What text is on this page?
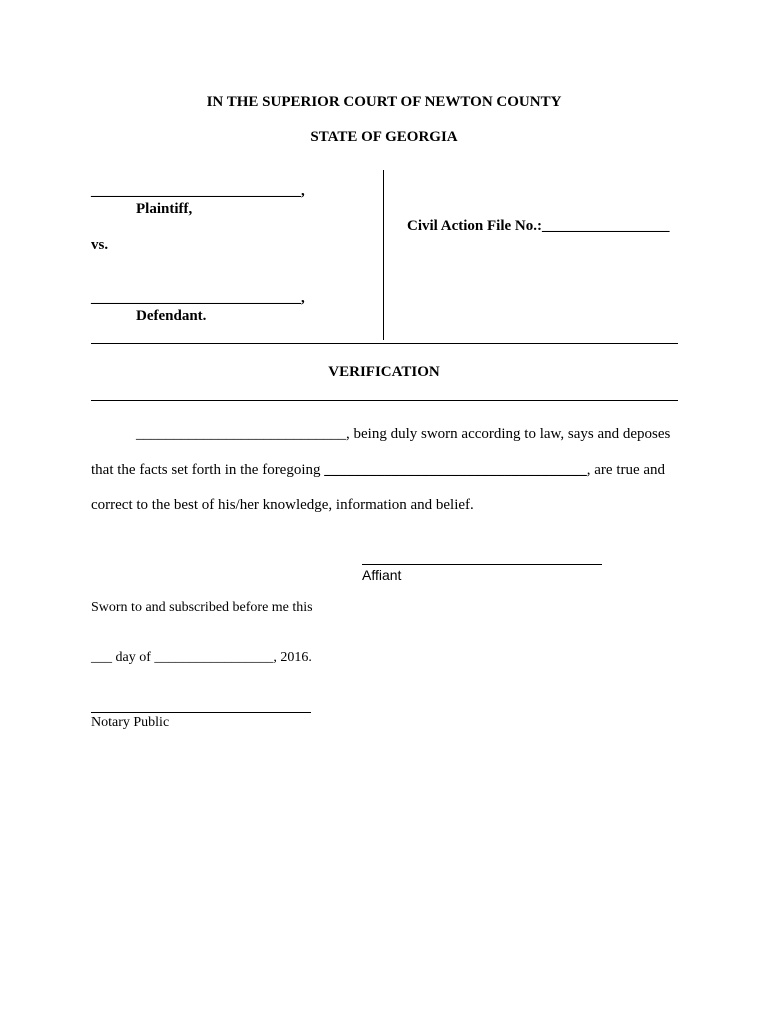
IN THE SUPERIOR COURT OF NEWTON COUNTY
STATE OF GEORGIA
____________________________,
Plaintiff,
vs.
____________________________,
Defendant.
Civil Action File No.:_________________
VERIFICATION
____________________________, being duly sworn according to law, says and deposes
that the facts set forth in the foregoing ___________________________________, are true and
correct to the best of his/her knowledge, information and belief.
Affiant
Sworn to and subscribed before me this
___ day of _________________, 2016.
Notary Public
